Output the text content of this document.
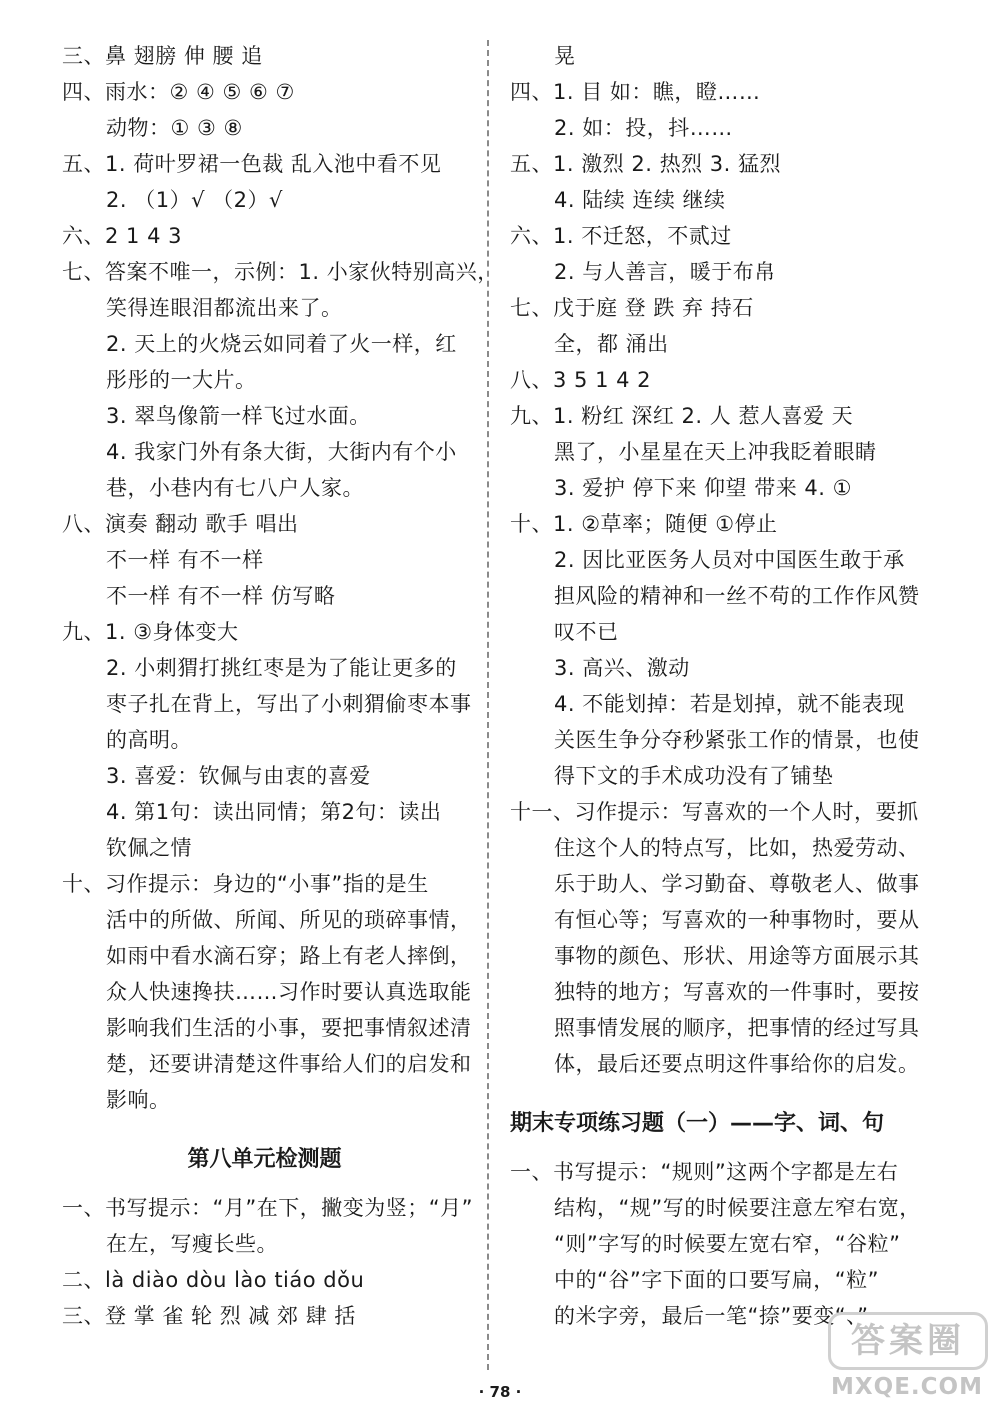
三、鼻 翅膀 伸 腰 追
四、雨水：② ④ ⑤ ⑥ ⑦
动物：① ③ ⑧
五、1. 荷叶罗裙一色裁 乱入池中看不见
2. （1）√ （2）√
六、2 1 4 3
七、答案不唯一，示例：1. 小家伙特别高兴，
笑得连眼泪都流出来了。
2. 天上的火烧云如同着了火一样，红
彤彤的一大片。
3. 翠鸟像箭一样飞过水面。
4. 我家门外有条大街，大街内有个小
巷，小巷内有七八户人家。
八、演奏 翻动 歌手 唱出
不一样 有不一样
不一样 有不一样 仿写略
九、1. ③身体变大
2. 小刺猬打挑红枣是为了能让更多的
枣子扎在背上，写出了小刺猬偷枣本事
的高明。
3. 喜爱：钦佩与由衷的喜爱
4. 第1句：读出同情；第2句：读出
钦佩之情
十、习作提示：身边的“小事”指的是生
活中的所做、所闻、所见的琐碎事情，
如雨中看水滴石穿；路上有老人摔倒，
众人快速搀扶……习作时要认真选取能
影响我们生活的小事，要把事情叙述清
楚，还要讲清楚这件事给人们的启发和
影响。
第八单元检测题
一、书写提示：“月”在下，撇变为竖；“月”
在左，写瘦长些。
二、là diào dòu lào tiáo dǒu
三、登 掌 雀 轮 烈 减 郊 肆 括
晃
四、1. 目 如：瞧，瞪……
2. 如：投，抖……
五、1. 激烈 2. 热烈 3. 猛烈
4. 陆续 连续 继续
六、1. 不迁怒，不贰过
2. 与人善言，暖于布帛
七、戊于庭 登 跌 弃 持石
全，都 涌出
八、3 5 1 4 2
九、1. 粉红 深红 2. 人 惹人喜爱 天
黑了，小星星在天上冲我眨着眼睛
3. 爱护 停下来 仰望 带来 4. ①
十、1. ②草率；随便 ①停止
2. 因比亚医务人员对中国医生敢于承
担风险的精神和一丝不苟的工作作风赞
叹不已
3. 高兴、激动
4. 不能划掉：若是划掉，就不能表现
关医生争分夺秒紧张工作的情景，也使
得下文的手术成功没有了铺垫
十一、习作提示：写喜欢的一个人时，要抓
住这个人的特点写，比如，热爱劳动、
乐于助人、学习勤奋、尊敬老人、做事
有恒心等；写喜欢的一种事物时，要从
事物的颜色、形状、用途等方面展示其
独特的地方；写喜欢的一件事时，要按
照事情发展的顺序，把事情的经过写具
体，最后还要点明这件事给你的启发。
期末专项练习题（一）——字、词、句
一、书写提示：“规则”这两个字都是左右
结构，“规”写的时候要注意左窄右宽，
“则”字写的时候要左宽右窄，“谷粒”
中的“谷”字下面的口要写扁，“粒”
的米字旁，最后一笔“捺”要变“、”
· 78 ·
答案圈
MXQE.COM
